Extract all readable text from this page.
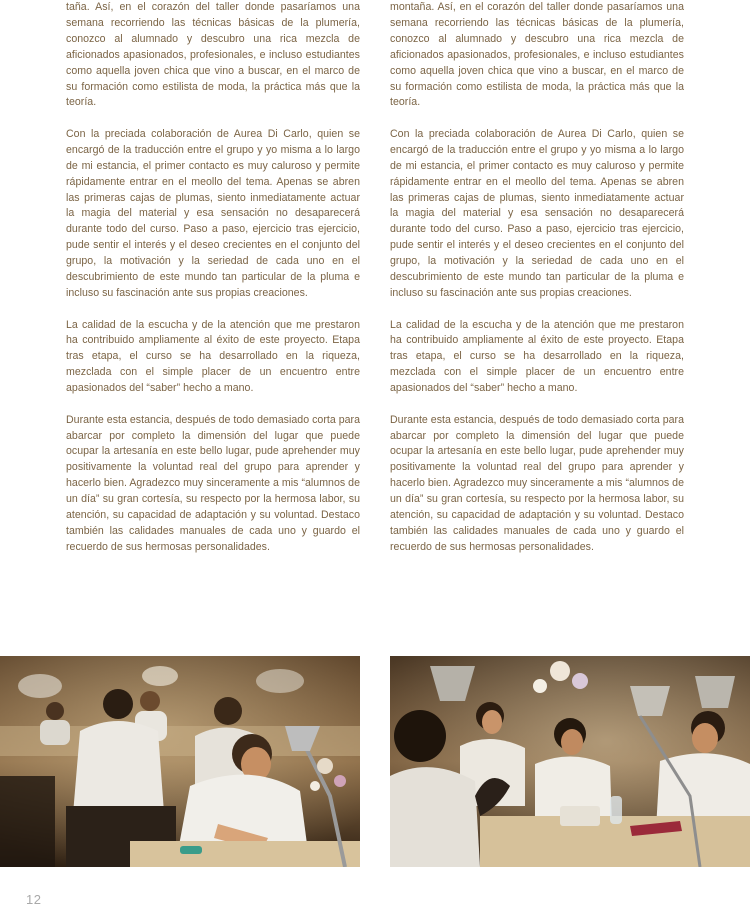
taña. Así, en el corazón del taller donde pasaríamos una semana recorriendo las técnicas básicas de la plumería, conozco al alumnado y descubro una rica mezcla de aficionados apasionados, profesionales, e incluso estudiantes como aquella joven chica que vino a buscar, en el marco de su formación como estilista de moda, la práctica más que la teoría.

Con la preciada colaboración de Aurea Di Carlo, quien se encargó de la traducción entre el grupo y yo misma a lo largo de mi estancia, el primer contacto es muy caluroso y permite rápidamente entrar en el meollo del tema. Apenas se abren las primeras cajas de plumas, siento inmediatamente actuar la magia del material y esa sensación no desaparecerá durante todo del curso. Paso a paso, ejercicio tras ejercicio, pude sentir el interés y el deseo crecientes en el conjunto del grupo, la motivación y la seriedad de cada uno en el descubrimiento de este mundo tan particular de la pluma e incluso su fascinación ante sus propias creaciones.

La calidad de la escucha y de la atención que me prestaron ha contribuido ampliamente al éxito de este proyecto. Etapa tras etapa, el curso se ha desarrollado en la riqueza, mezclada con el simple placer de un encuentro entre apasionados del “saber” hecho a mano.

Durante esta estancia, después de todo demasiado corta para abarcar por completo la dimensión del lugar que puede ocupar la artesanía en este bello lugar, pude aprehender muy positivamente la voluntad real del grupo para aprender y hacerlo bien. Agradezco muy sinceramente a mis “alumnos de un día” su gran cortesía, su respecto por la hermosa labor, su atención, su capacidad de adaptación y su voluntad. Destaco también las calidades manuales de cada uno y guardo el recuerdo de sus hermosas personalidades.

montaña. Así, en el corazón del taller donde pasaríamos una semana recorriendo las técnicas básicas de la plumería, conozco al alumnado y descubro una rica mezcla de aficionados apasionados, profesionales, e incluso estudiantes como aquella joven chica que vino a buscar, en el marco de su formación como estilista de moda, la práctica más que la teoría.

Con la preciada colaboración de Aurea Di Carlo, quien se encargó de la traducción entre el grupo y yo misma a lo largo de mi estancia, el primer contacto es muy caluroso y permite rápidamente entrar en el meollo del tema. Apenas se abren las primeras cajas de plumas, siento inmediatamente actuar la magia del material y esa sensación no desaparecerá durante todo del curso. Paso a paso, ejercicio tras ejercicio, pude sentir el interés y el deseo crecientes en el conjunto del grupo, la motivación y la seriedad de cada uno en el descubrimiento de este mundo tan particular de la pluma e incluso su fascinación ante sus propias creaciones.

La calidad de la escucha y de la atención que me prestaron ha contribuido ampliamente al éxito de este proyecto. Etapa tras etapa, el curso se ha desarrollado en la riqueza, mezclada con el simple placer de un encuentro entre apasionados del “saber” hecho a mano.

Durante esta estancia, después de todo demasiado corta para abarcar por completo la dimensión del lugar que puede ocupar la artesanía en este bello lugar, pude aprehender muy positivamente la voluntad real del grupo para aprender y hacerlo bien. Agradezco muy sinceramente a mis “alumnos de un día” su gran cortesía, su respecto por la hermosa labor, su atención, su capacidad de adaptación y su voluntad. Destaco también las calidades manuales de cada uno y guardo el recuerdo de sus hermosas personalidades.

12
